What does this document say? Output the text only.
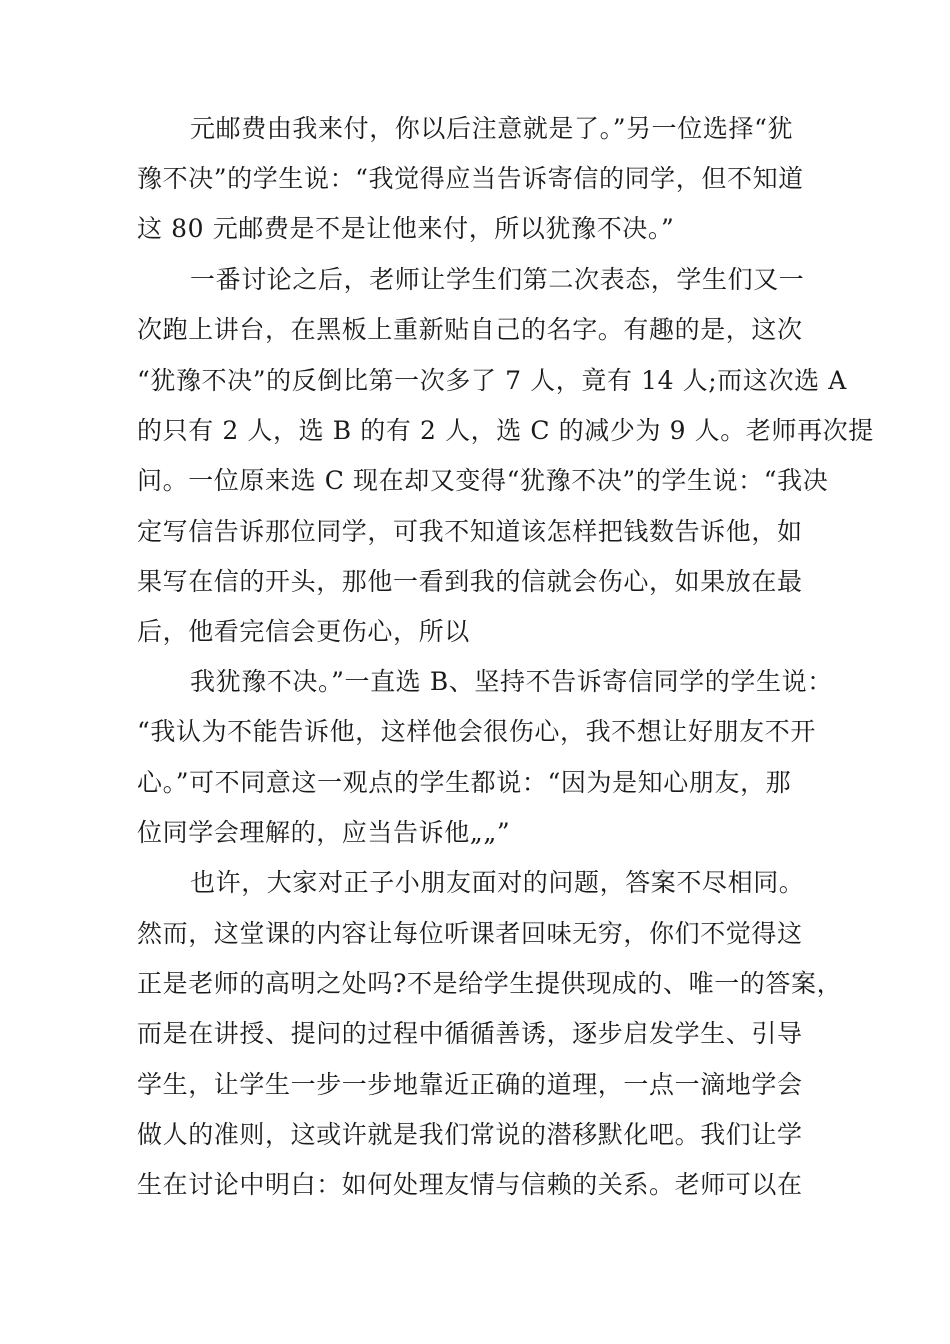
元邮费由我来付，你以后注意就是了。”另一位选择“犹
豫不决”的学生说：“我觉得应当告诉寄信的同学，但不知道
这 80 元邮费是不是让他来付，所以犹豫不决。”
一番讨论之后，老师让学生们第二次表态，学生们又一
次跑上讲台，在黑板上重新贴自己的名字。有趣的是，这次
“犹豫不决”的反倒比第一次多了 7 人，竟有 14 人;而这次选 A
的只有 2 人，选 B 的有 2 人，选 C 的减少为 9 人。老师再次提
问。一位原来选 C 现在却又变得“犹豫不决”的学生说：“我决
定写信告诉那位同学，可我不知道该怎样把钱数告诉他，如
果写在信的开头，那他一看到我的信就会伤心，如果放在最
后，他看完信会更伤心，所以
我犹豫不决。”一直选 B、坚持不告诉寄信同学的学生说：
“我认为不能告诉他，这样他会很伤心，我不想让好朋友不开
心。”可不同意这一观点的学生都说：“因为是知心朋友，那
位同学会理解的，应当告诉他„„”
也许，大家对正子小朋友面对的问题，答案不尽相同。
然而，这堂课的内容让每位听课者回味无穷，你们不觉得这
正是老师的高明之处吗?不是给学生提供现成的、唯一的答案，
而是在讲授、提问的过程中循循善诱，逐步启发学生、引导
学生，让学生一步一步地靠近正确的道理，一点一滴地学会
做人的准则，这或许就是我们常说的潜移默化吧。我们让学
生在讨论中明白：如何处理友情与信赖的关系。老师可以在
